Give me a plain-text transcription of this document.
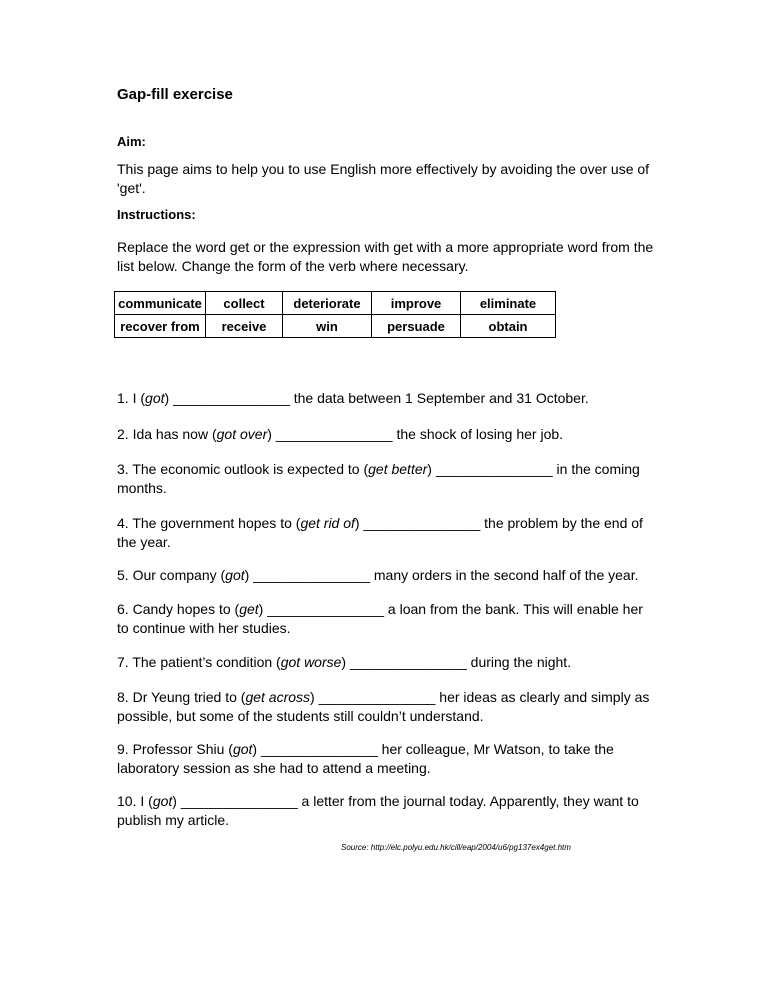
Gap-fill exercise
Aim:
This page aims to help you to use English more effectively by avoiding the over use of 'get'.
Instructions:
Replace the word get or the expression with get with a more appropriate word from the list below. Change the form of the verb where necessary.
communicate	collect	deteriorate	improve	eliminate
recover from	receive	win	persuade	obtain
1. I (got) _______________ the data between 1 September and 31 October.
2. Ida has now (got over) _______________ the shock of losing her job.
3. The economic outlook is expected to (get better) _______________ in the coming months.
4. The government hopes to (get rid of) _______________ the problem by the end of the year.
5. Our company (got) _______________ many orders in the second half of the year.
6. Candy hopes to (get) _______________ a loan from the bank. This will enable her to continue with her studies.
7. The patient’s condition (got worse) _______________ during the night.
8. Dr Yeung tried to (get across) _______________ her ideas as clearly and simply as possible, but some of the students still couldn’t understand.
9. Professor Shiu (got) _______________ her colleague, Mr Watson, to take the laboratory session as she had to attend a meeting.
10. I (got) _______________ a letter from the journal today. Apparently, they want to publish my article.
Source: http://elc.polyu.edu.hk/cill/eap/2004/u6/pg137ex4get.htm
